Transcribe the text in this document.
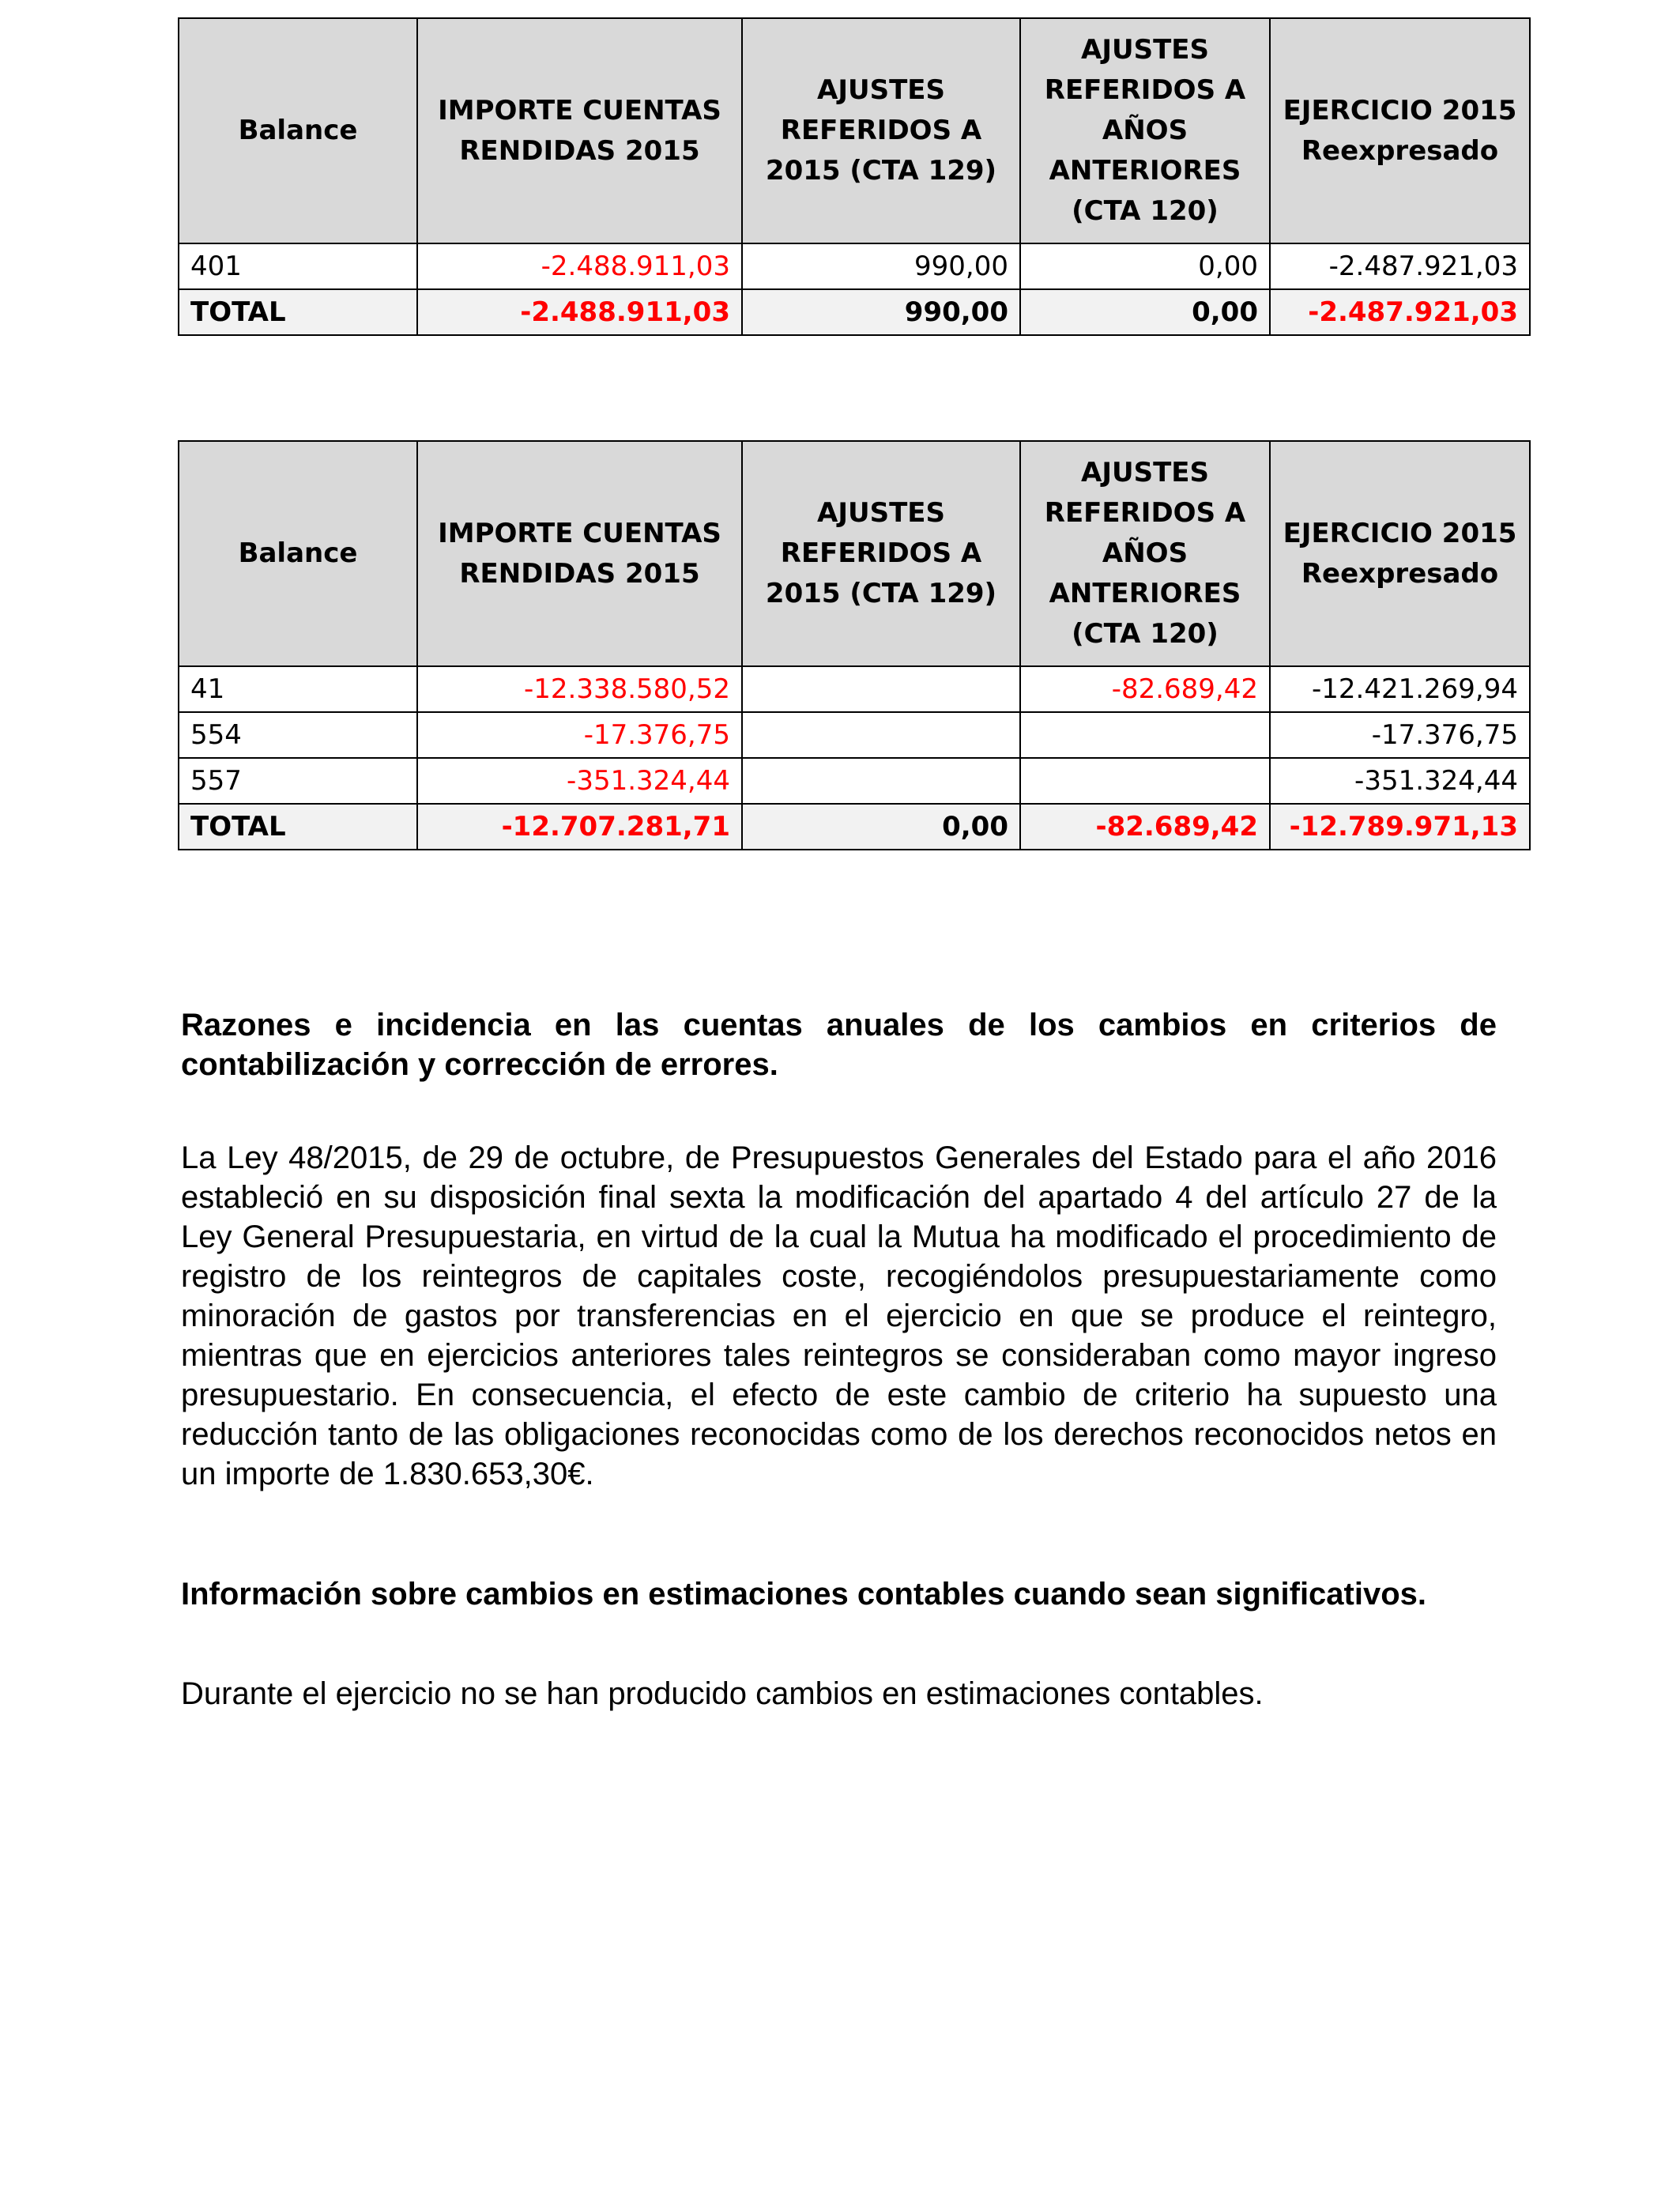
Balance	IMPORTE CUENTAS RENDIDAS 2015	AJUSTES REFERIDOS A 2015 (CTA 129)	AJUSTES REFERIDOS A AÑOS ANTERIORES (CTA 120)	EJERCICIO 2015 Reexpresado
401	-2.488.911,03	990,00	0,00	-2.487.921,03
TOTAL	-2.488.911,03	990,00	0,00	-2.487.921,03
Balance	IMPORTE CUENTAS RENDIDAS 2015	AJUSTES REFERIDOS A 2015 (CTA 129)	AJUSTES REFERIDOS A AÑOS ANTERIORES (CTA 120)	EJERCICIO 2015 Reexpresado
41	-12.338.580,52		-82.689,42	-12.421.269,94
554	-17.376,75			-17.376,75
557	-351.324,44			-351.324,44
TOTAL	-12.707.281,71	0,00	-82.689,42	-12.789.971,13

Razones e incidencia en las cuentas anuales de los cambios en criterios de contabilización y corrección de errores.

La Ley 48/2015, de 29 de octubre, de Presupuestos Generales del Estado para el año 2016 estableció en su disposición final sexta la modificación del apartado 4 del artículo 27 de la Ley General Presupuestaria, en virtud de la cual la Mutua ha modificado el procedimiento de registro de los reintegros de capitales coste, recogiéndolos presupuestariamente como minoración de gastos por transferencias en el ejercicio en que se produce el reintegro, mientras que en ejercicios anteriores tales reintegros se consideraban como mayor ingreso presupuestario. En consecuencia, el efecto de este cambio de criterio ha supuesto una reducción tanto de las obligaciones reconocidas como de los derechos reconocidos netos en un importe de 1.830.653,30€.

Información sobre cambios en estimaciones contables cuando sean significativos.

Durante el ejercicio no se han producido cambios en estimaciones contables.
